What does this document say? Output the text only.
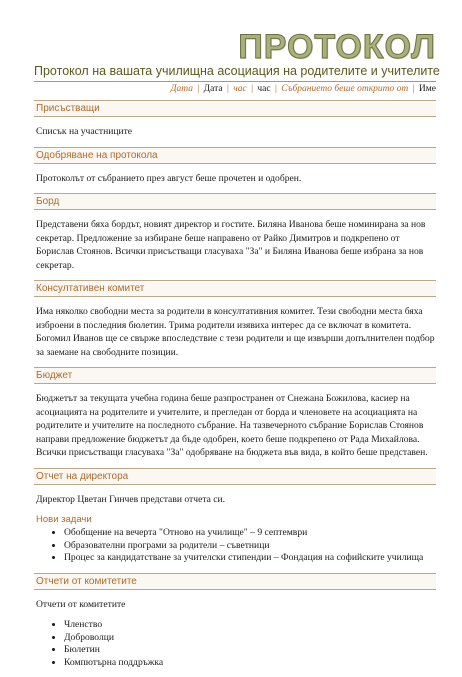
ПРОТОКОЛ
Протокол на вашата училищна асоциация на родителите и учителите
Дата | Дата | час | час | Събранието беше открито от | Име
Присъстващи
Списък на участниците
Одобряване на протокола
Протоколът от събранието през август беше прочетен и одобрен.
Борд
Представени бяха бордът, новият директор и гостите. Биляна Иванова беше номинирана за нов секретар. Предложение за избиране беше направено от Райко Димитров и подкрепено от Борислав Стоянов. Всички присъстващи гласуваха "За" и Биляна Иванова беше избрана за нов секретар.
Консултативен комитет
Има няколко свободни места за родители в консултативния комитет. Тези свободни места бяха изброени в последния бюлетин. Трима родители изявиха интерес да се включат в комитета. Богомил Иванов ще се свърже впоследствие с тези родители и ще извърши допълнителен подбор за заемане на свободните позиции.
Бюджет
Бюджетът за текущата учебна година беше разпространен от Снежана Божилова, касиер на асоциацията на родителите и учителите, и прегледан от борда и членовете на асоциацията на родителите и учителите на последното събрание. На тазвечерното събрание Борислав Стоянов направи предложение бюджетът да бъде одобрен, което беше подкрепено от Рада Михайлова. Всички присъстващи гласуваха "За" одобряване на бюджета във вида, в който беше представен.
Отчет на директора
Директор Цветан Гинчев представи отчета си.
Нови задачи
• Обобщение на вечерта "Отново на училище" – 9 септември
• Образователни програми за родители – съветници
• Процес за кандидатстване за учителски стипендии – Фондация на софийските училища
Отчети от комитетите
Отчети от комитетите
• Членство
• Доброволци
• Бюлетин
• Компютърна поддръжка
